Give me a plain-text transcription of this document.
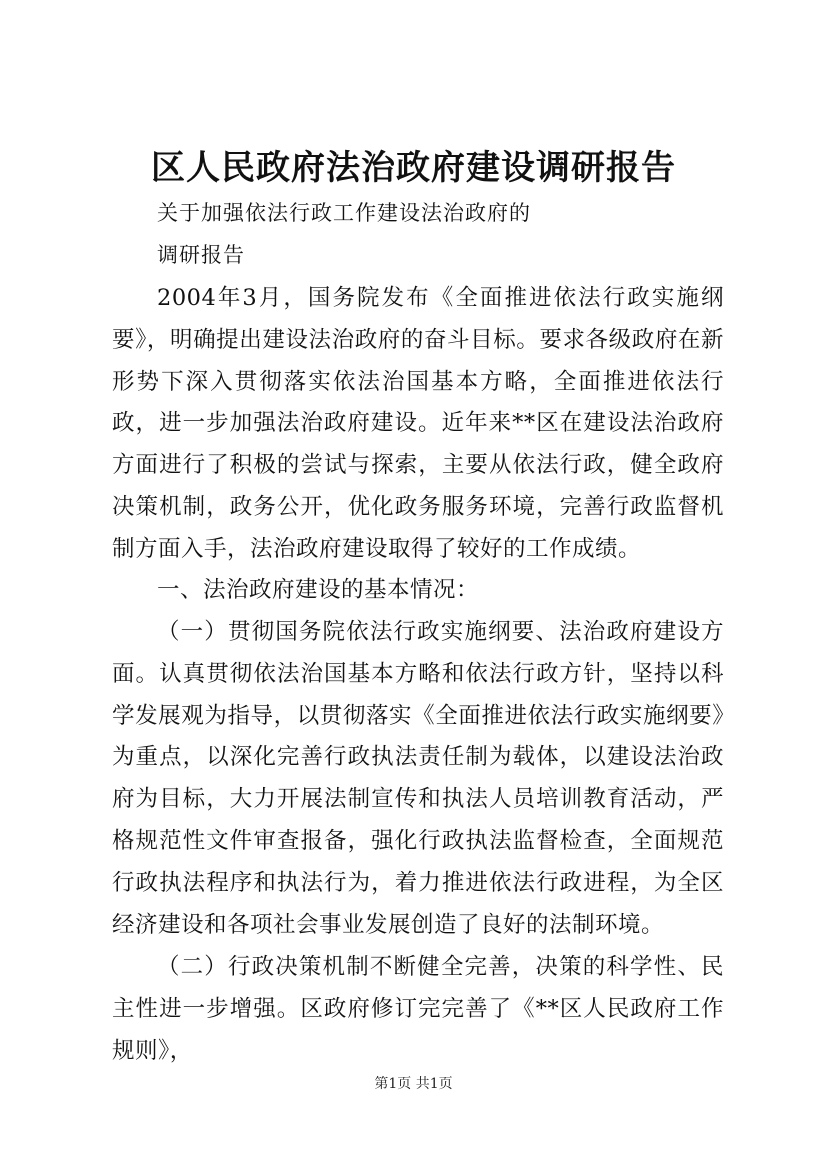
区人民政府法治政府建设调研报告

关于加强依法行政工作建设法治政府的

调研报告

2004年3月，国务院发布《全面推进依法行政实施纲要》，明确提出建设法治政府的奋斗目标。要求各级政府在新形势下深入贯彻落实依法治国基本方略，全面推进依法行政，进一步加强法治政府建设。近年来**区在建设法治政府方面进行了积极的尝试与探索，主要从依法行政，健全政府决策机制，政务公开，优化政务服务环境，完善行政监督机制方面入手，法治政府建设取得了较好的工作成绩。

一、法治政府建设的基本情况：

（一）贯彻国务院依法行政实施纲要、法治政府建设方面。认真贯彻依法治国基本方略和依法行政方针，坚持以科学发展观为指导，以贯彻落实《全面推进依法行政实施纲要》为重点，以深化完善行政执法责任制为载体，以建设法治政府为目标，大力开展法制宣传和执法人员培训教育活动，严格规范性文件审查报备，强化行政执法监督检查，全面规范行政执法程序和执法行为，着力推进依法行政进程，为全区经济建设和各项社会事业发展创造了良好的法制环境。

（二）行政决策机制不断健全完善，决策的科学性、民主性进一步增强。区政府修订完完善了《**区人民政府工作规则》，

第1页 共1页
